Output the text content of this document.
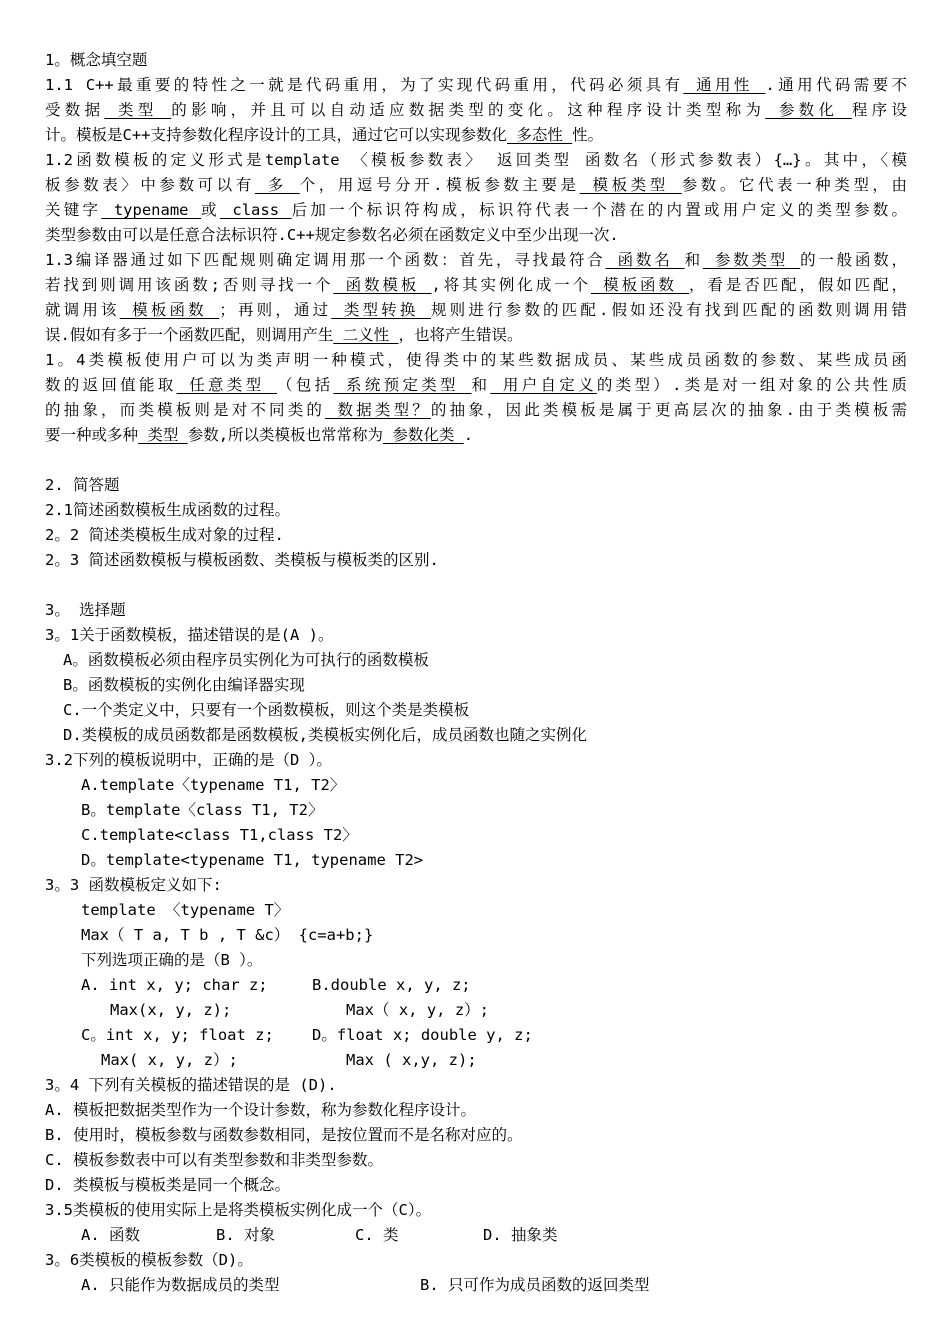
1。概念填空题
1.1 C++最重要的特性之一就是代码重用，为了实现代码重用，代码必须具有 通用性 .通用代码需要不
受数据 类型 的影响，并且可以自动适应数据类型的变化。这种程序设计类型称为 参数化 程序设
计。模板是C++支持参数化程序设计的工具，通过它可以实现参数化 多态性 性。
1.2函数模板的定义形式是template 〈模板参数表〉 返回类型 函数名（形式参数表）{…}。其中，〈模
板参数表〉中参数可以有 多 个，用逗号分开.模板参数主要是 模板类型 参数。它代表一种类型，由
关键字 typename 或 class 后加一个标识符构成，标识符代表一个潜在的内置或用户定义的类型参数。
类型参数由可以是任意合法标识符.C++规定参数名必须在函数定义中至少出现一次.
1.3编译器通过如下匹配规则确定调用那一个函数：首先，寻找最符合 函数名 和 参数类型 的一般函数，
若找到则调用该函数;否则寻找一个 函数模板 ,将其实例化成一个 模板函数 ，看是否匹配，假如匹配，
就调用该 模板函数 ；再则，通过 类型转换 规则进行参数的匹配.假如还没有找到匹配的函数则调用错
误.假如有多于一个函数匹配，则调用产生 二义性 ，也将产生错误。
1。4类模板使用户可以为类声明一种模式，使得类中的某些数据成员、某些成员函数的参数、某些成员函
数的返回值能取 任意类型 （包括 系统预定类型 和 用户自定义的类型）.类是对一组对象的公共性质
的抽象，而类模板则是对不同类的 数据类型？的抽象，因此类模板是属于更高层次的抽象.由于类模板需
要一种或多种 类型 参数,所以类模板也常常称为 参数化类 .
2. 简答题
2.1简述函数模板生成函数的过程。
2。2 简述类模板生成对象的过程.
2。3 简述函数模板与模板函数、类模板与模板类的区别.
3。 选择题
3。1关于函数模板，描述错误的是(A )。
A。函数模板必须由程序员实例化为可执行的函数模板
B。函数模板的实例化由编译器实现
C.一个类定义中，只要有一个函数模板，则这个类是类模板
D.类模板的成员函数都是函数模板,类模板实例化后，成员函数也随之实例化
3.2下列的模板说明中，正确的是（D ）。
A.template〈typename T1, T2〉
B。template〈class T1, T2〉
C.template<class T1,class T2〉
D。template<typename T1, typename T2>
3。3 函数模板定义如下:
template 〈typename T〉
Max（ T a, T b , T &c） {c=a+b;}
下列选项正确的是（B ）。
A. int x, y; char z;	B.double x, y, z;
Max(x, y, z);	Max（ x, y, z）;
C。int x, y; float z; D。float x; double y, z;
Max( x, y, z）;	Max ( x,y, z);
3。4 下列有关模板的描述错误的是 (D).
A. 模板把数据类型作为一个设计参数，称为参数化程序设计。
B. 使用时，模板参数与函数参数相同，是按位置而不是名称对应的。
C. 模板参数表中可以有类型参数和非类型参数。
D. 类模板与模板类是同一个概念。
3.5类模板的使用实际上是将类模板实例化成一个（C）。
A. 函数	B. 对象	C. 类	D. 抽象类
3。6类模板的模板参数（D)。
A. 只能作为数据成员的类型	B. 只可作为成员函数的返回类型
